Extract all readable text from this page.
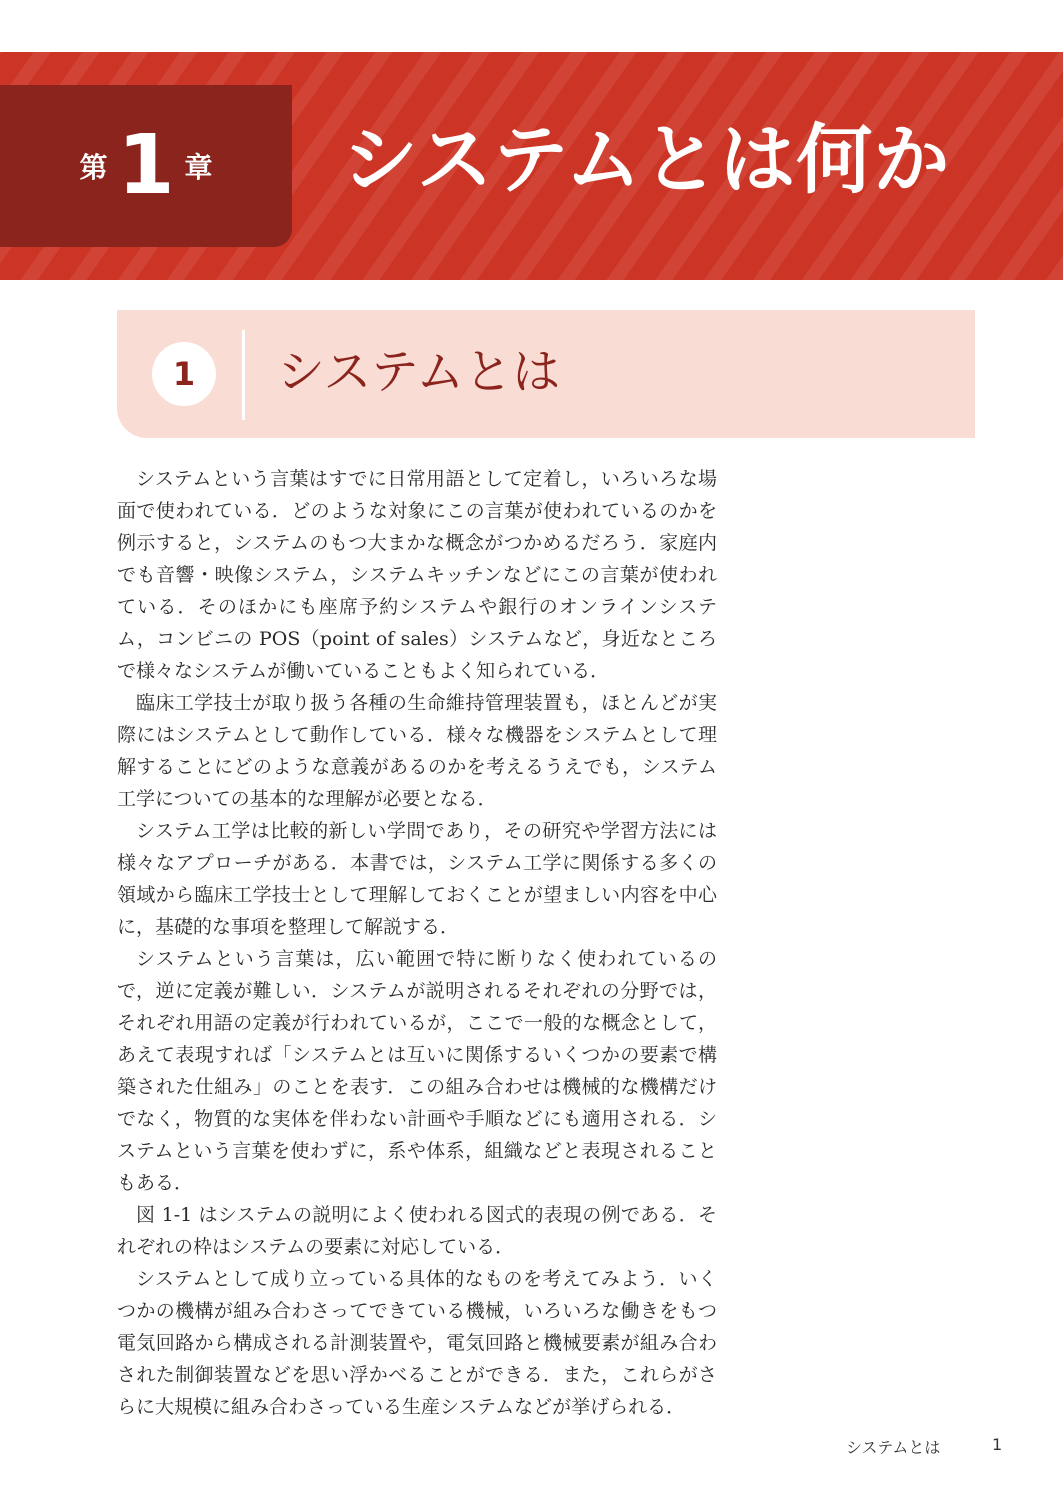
第 1 章 システムとは何か
1	システムとは

システムという言葉はすでに日常用語として定着し，いろいろな場面で使われている．どのような対象にこの言葉が使われているのかを例示すると，システムのもつ大まかな概念がつかめるだろう．家庭内でも音響・映像システム，システムキッチンなどにこの言葉が使われている．そのほかにも座席予約システムや銀行のオンラインシステム，コンビニの POS（point of sales）システムなど，身近なところで様々なシステムが働いていることもよく知られている．

臨床工学技士が取り扱う各種の生命維持管理装置も，ほとんどが実際にはシステムとして動作している．様々な機器をシステムとして理解することにどのような意義があるのかを考えるうえでも，システム工学についての基本的な理解が必要となる．

システム工学は比較的新しい学問であり，その研究や学習方法には様々なアプローチがある．本書では，システム工学に関係する多くの領域から臨床工学技士として理解しておくことが望ましい内容を中心に，基礎的な事項を整理して解説する．

システムという言葉は，広い範囲で特に断りなく使われているので，逆に定義が難しい．システムが説明されるそれぞれの分野では，それぞれ用語の定義が行われているが，ここで一般的な概念として，あえて表現すれば「システムとは互いに関係するいくつかの要素で構築された仕組み」のことを表す．この組み合わせは機械的な機構だけでなく，物質的な実体を伴わない計画や手順などにも適用される．システムという言葉を使わずに，系や体系，組織などと表現されることもある．

図 1-1 はシステムの説明によく使われる図式的表現の例である．それぞれの枠はシステムの要素に対応している．

システムとして成り立っている具体的なものを考えてみよう．いくつかの機構が組み合わさってできている機械，いろいろな働きをもつ電気回路から構成される計測装置や，電気回路と機械要素が組み合わされた制御装置などを思い浮かべることができる．また，これらがさらに大規模に組み合わさっている生産システムなどが挙げられる．

システムとは	1
